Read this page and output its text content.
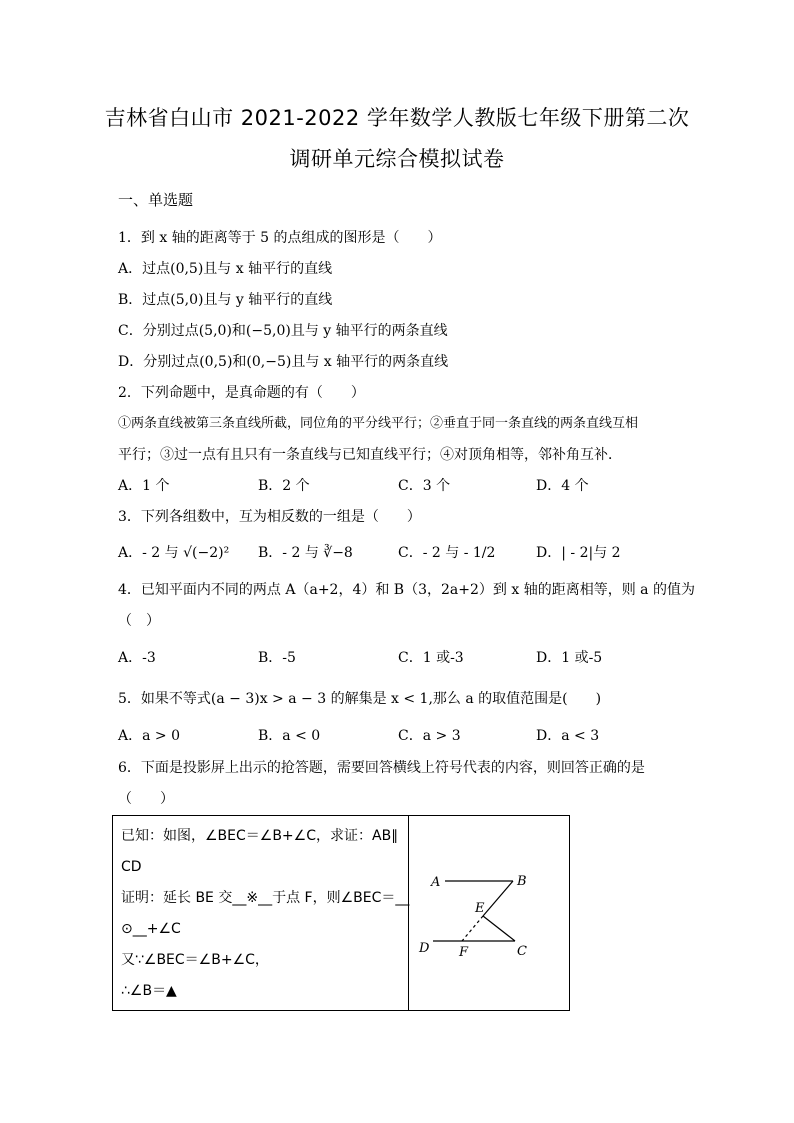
吉林省白山市 2021-2022 学年数学人教版七年级下册第二次
调研单元综合模拟试卷
一、单选题
1．到 x 轴的距离等于 5 的点组成的图形是（　　）
A．过点(0,5)且与 x 轴平行的直线
B．过点(5,0)且与 y 轴平行的直线
C．分别过点(5,0)和(−5,0)且与 y 轴平行的两条直线
D．分别过点(0,5)和(0,−5)且与 x 轴平行的两条直线
2．下列命题中，是真命题的有（　　）
①两条直线被第三条直线所截，同位角的平分线平行；②垂直于同一条直线的两条直线互相
平行；③过一点有且只有一条直线与已知直线平行；④对顶角相等，邻补角互补．
A．1 个	B．2 个	C．3 个	D．4 个
3．下列各组数中，互为相反数的一组是（　　）
A．- 2 与 √(−2)² B．- 2 与 ∛−8	C．- 2 与 - 1/2	D．| - 2|与 2
4．已知平面内不同的两点 A（a+2，4）和 B（3，2a+2）到 x 轴的距离相等，则 a 的值为
（　）
A．-3	B．-5	C．1 或-3	D．1 或-5
5．如果不等式(a − 3)x > a − 3 的解集是 x < 1,那么 a 的取值范围是(　　)
A．a > 0	B．a < 0	C．a > 3	D．a < 3
6．下面是投影屏上出示的抢答题，需要回答横线上符号代表的内容，则回答正确的是
（　　）
已知：如图，∠BEC＝∠B+∠C，求证：AB∥
CD
证明：延长 BE 交__※__于点 F，则∠BEC＝__
⊙__+∠C
又∵∠BEC＝∠B+∠C，
∴∠B＝▲
A	B
E
D F	C
